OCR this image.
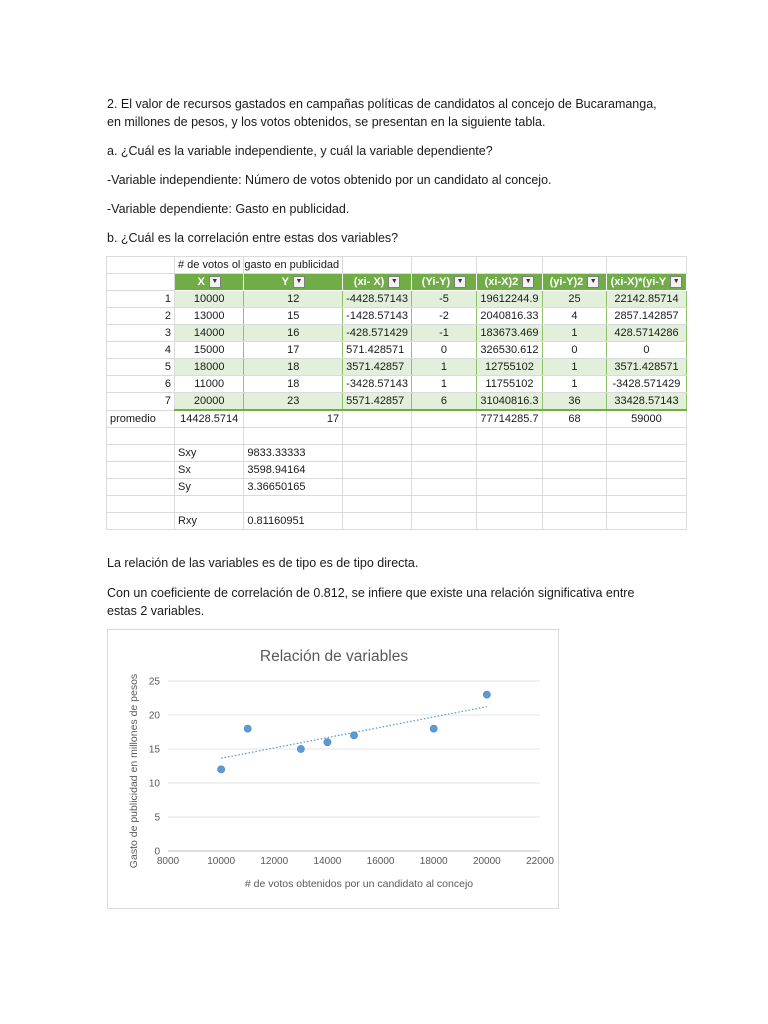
2. El valor de recursos gastados en campañas políticas de candidatos al concejo de Bucaramanga,

en millones de pesos, y los votos obtenidos, se presentan en la siguiente tabla.

a. ¿Cuál es la variable independiente, y cuál la variable dependiente?

-Variable independiente: Número de votos obtenido por un candidato al concejo.

-Variable dependiente: Gasto en publicidad.

b. ¿Cuál es la correlación entre estas dos variables?

	# de votos ol	gasto en publicidad					
	X ▼	Y ▼	(xi- X) ▼	(Yi-Y) ▼	(xi-X)2 ▼	(yi-Y)2 ▼	(xi-X)*(yi-Y ▼
1	10000	12	-4428.57143	-5	19612244.9	25	22142.85714
2	13000	15	-1428.57143	-2	2040816.33	4	2857.142857
3	14000	16	-428.571429	-1	183673.469	1	428.5714286
4	15000	17	571.428571	0	326530.612	0	0
5	18000	18	3571.42857	1	12755102	1	3571.428571
6	11000	18	-3428.57143	1	11755102	1	-3428.571429
7	20000	23	5571.42857	6	31040816.3	36	33428.57143
promedio	14428.5714	17			77714285.7	68	59000

	Sxy	9833.33333					
	Sx	3598.94164					
	Sy	3.36650165					

	Rxy	0.81160951					

La relación de las variables es de tipo es de tipo directa.

Con un coeficiente de correlación de 0.812, se infiere que existe una relación significativa entre

estas 2 variables.

Relación de variables
# de votos obtenidos por un candidato al concejo
Gasto de publicidad en millones de pesos 0
5
10
15
20
25
8000	10000	12000	14000	16000	18000	20000	22000
